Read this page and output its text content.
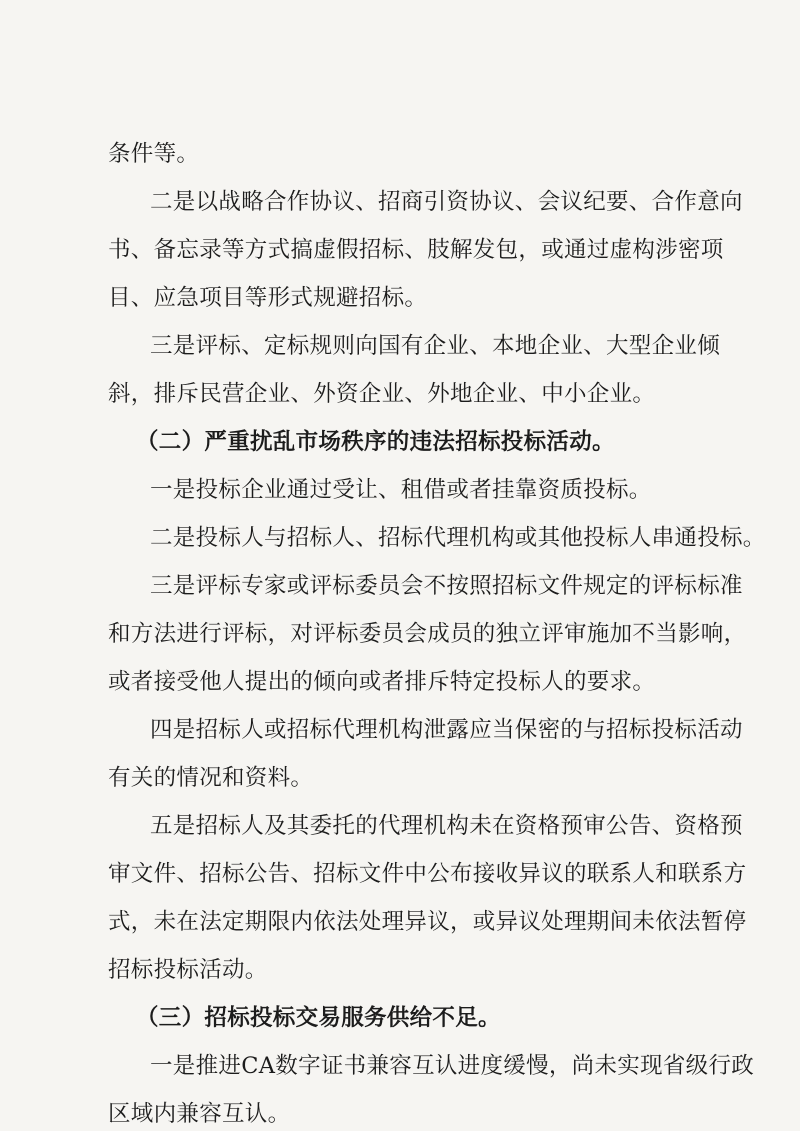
条件等。
二是以战略合作协议、招商引资协议、会议纪要、合作意向
书、备忘录等方式搞虚假招标、肢解发包，或通过虚构涉密项
目、应急项目等形式规避招标。
三是评标、定标规则向国有企业、本地企业、大型企业倾
斜，排斥民营企业、外资企业、外地企业、中小企业。
（二）严重扰乱市场秩序的违法招标投标活动。
一是投标企业通过受让、租借或者挂靠资质投标。
二是投标人与招标人、招标代理机构或其他投标人串通投标。
三是评标专家或评标委员会不按照招标文件规定的评标标准
和方法进行评标，对评标委员会成员的独立评审施加不当影响，
或者接受他人提出的倾向或者排斥特定投标人的要求。
四是招标人或招标代理机构泄露应当保密的与招标投标活动
有关的情况和资料。
五是招标人及其委托的代理机构未在资格预审公告、资格预
审文件、招标公告、招标文件中公布接收异议的联系人和联系方
式，未在法定期限内依法处理异议，或异议处理期间未依法暂停
招标投标活动。
（三）招标投标交易服务供给不足。
一是推进CA数字证书兼容互认进度缓慢，尚未实现省级行政
区域内兼容互认。
